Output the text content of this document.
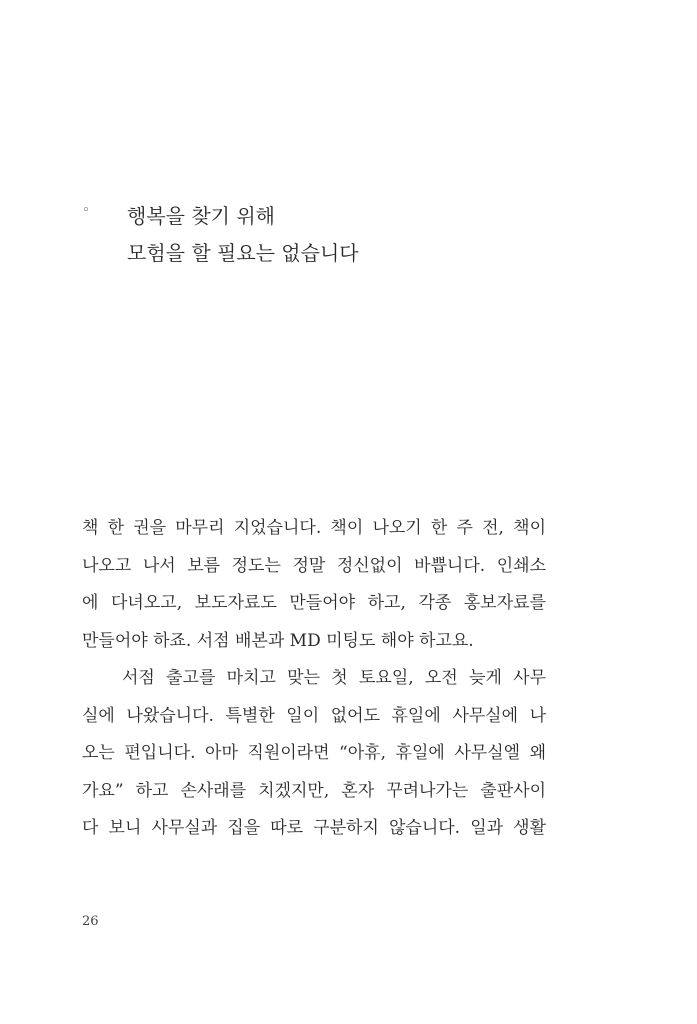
◦ 행복을 찾기 위해
모험을 할 필요는 없습니다
책 한 권을 마무리 지었습니다. 책이 나오기 한 주 전, 책이
나오고 나서 보름 정도는 정말 정신없이 바쁩니다. 인쇄소
에 다녀오고, 보도자료도 만들어야 하고, 각종 홍보자료를
만들어야 하죠. 서점 배본과 MD 미팅도 해야 하고요.
서점 출고를 마치고 맞는 첫 토요일, 오전 늦게 사무
실에 나왔습니다. 특별한 일이 없어도 휴일에 사무실에 나
오는 편입니다. 아마 직원이라면 “아휴, 휴일에 사무실엘 왜
가요” 하고 손사래를 치겠지만, 혼자 꾸려나가는 출판사이
다 보니 사무실과 집을 따로 구분하지 않습니다. 일과 생활
26
